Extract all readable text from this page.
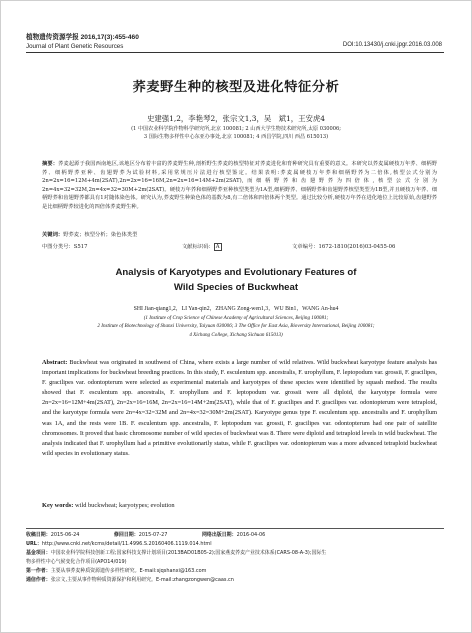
植物遗传资源学报 2016,17(3):455-460
Journal of Plant Genetic Resources	DOI:10.13430/j.cnki.jpgr.2016.03.008
荞麦野生种的核型及进化特征分析
史建强1,2，李艳琴2，张宗文1,3，吴　斌1，王安虎4
(1 中国农业科学院作物科学研究所,北京 100081; 2 山西大学生物技术研究所,太原 030006;
3 国际生物多样性中心东亚办事处,北京 100081; 4 西昌学院,四川 西昌 615013)
摘要：荞麦起源于我国西南地区,该地区分布着丰富的荞麦野生种,剖析野生荞麦的核型特征对荞麦进化和育种研究具有重要的意义。本研究以荞麦属硬枝万年荞、细柄野荞、细柄野荞亚种、齿翅野荞为试验材料,采用常规压片法进行核型鉴定。结果表明:荞麦属硬枝万年荞和细柄野荞为二倍体,核型公式分别为 2n=2x=16=12M+4m(2SAT),2n=2x=16=16M,2n=2x=16=14M+2m(2SAT),而细柄野荞和齿翅野荞为四倍体,核型公式分别为2n=4x=32=32M,2n=4x=32=30M+2m(2SAT)。硬枝万年荞和细柄野荞亚种核型类型为1A型,细柄野荞、细柄野荞和齿翅野荞核型类型为1B型,并且硬枝万年荞、细柄野荞和齿翅野荞都具有1对随体染色体。研究认为,荞麦野生种染色体的基数为8,有二倍体和四倍体两个类型。通过比较分析,硬枝万年荞在进化地位上比较原始,齿翅野荞是比细柄野荞较进化的四倍体荞麦野生种。
关键词：野荞麦；核型分析；染色体类型
中图分类号：S517	文献标识码： A	文章编号：1672-1810(2016)03-0455-06
Analysis of Karyotypes and Evolutionary Features of
Wild Species of Buckwheat
SHI Jian-qiang1,2，LI Yan-qin2，ZHANG Zong-wen1,3，WU Bin1，WANG An-hu4
(1 Institute of Crop Science of Chinese Academy of Agricultural Sciences, Beijing 100081;
2 Institute of Biotechnology of Shanxi University, Taiyuan 030006; 3 The Office for East Asia, Bioversity International, Beijing 100081;
4 Xichang College, Xichang Sichuan 615013)
Abstract: Buckwheat was originated in southwest of China, where exists a large number of wild relatives. Wild buckwheat karyotype feature analysis has important implications for buckwheat breeding practices. In this study, F. esculentum spp. ancestralis, F. urophyllum, F. leptopodum var. grossii, F. gracilipes, F. gracilipes var. odontopterum were selected as experimental materials and karyotypes of these species were identified by squash method. The results showed that F. esculentum spp. ancestralis, F. urophyllum and F. leptopodum var. grossii were all diploid, the karyotype formula were 2n=2x=16=12M+4m(2SAT), 2n=2x=16=16M, 2n=2x=16=14M+2m(2SAT), while that of F. gracilipes and F. gracilipes var. odontopterum were tetraploid, and the karyotype formula were 2n=4x=32=32M and 2n=4x=32=30M+2m(2SAT). Karyotype genus type F. esculentum spp. ancestralis and F. urophyllum was 1A, and the rests were 1B. F. esculentum spp. ancestralis, F. leptopodum var. grossii, F. gracilipes var. odontopterum had one pair of satellite chromosomes. It proved that basic chromosome number of wild species of buckwheat was 8. There were diploid and tetraploid levels in wild buckwheat. The analysis indicated that F. urophyllum had a primitive evolutionarily status, while F. gracilipes var. odontopterum was a more advanced tetraploid buckwheat wild species in evolutionary status.
Key words: wild buckwheat; karyotypes; evolution
收稿日期：2015-06-24	修回日期：2015-07-27	网络出版日期：2016-04-06
URL：http://www.cnki.net/kcms/detail/11.4996.S.20160406.1119.014.html
基金项目：中国农业科学院科技创新工程;国家科技支撑计划项目(2013BAD01B05-2);国家燕麦荞麦产业技术体系(CARS-08-A-3);国际生
物多样性中心气候变化合作项目(APO14/019)
第一作者：主要从事荞麦种质资源遗传多样性研究。E-mail:sjqshanxi@163.com
通信作者：张宗文,主要从事作物种质资源保护和利用研究。E-mail:zhangzongwen@caas.cn
